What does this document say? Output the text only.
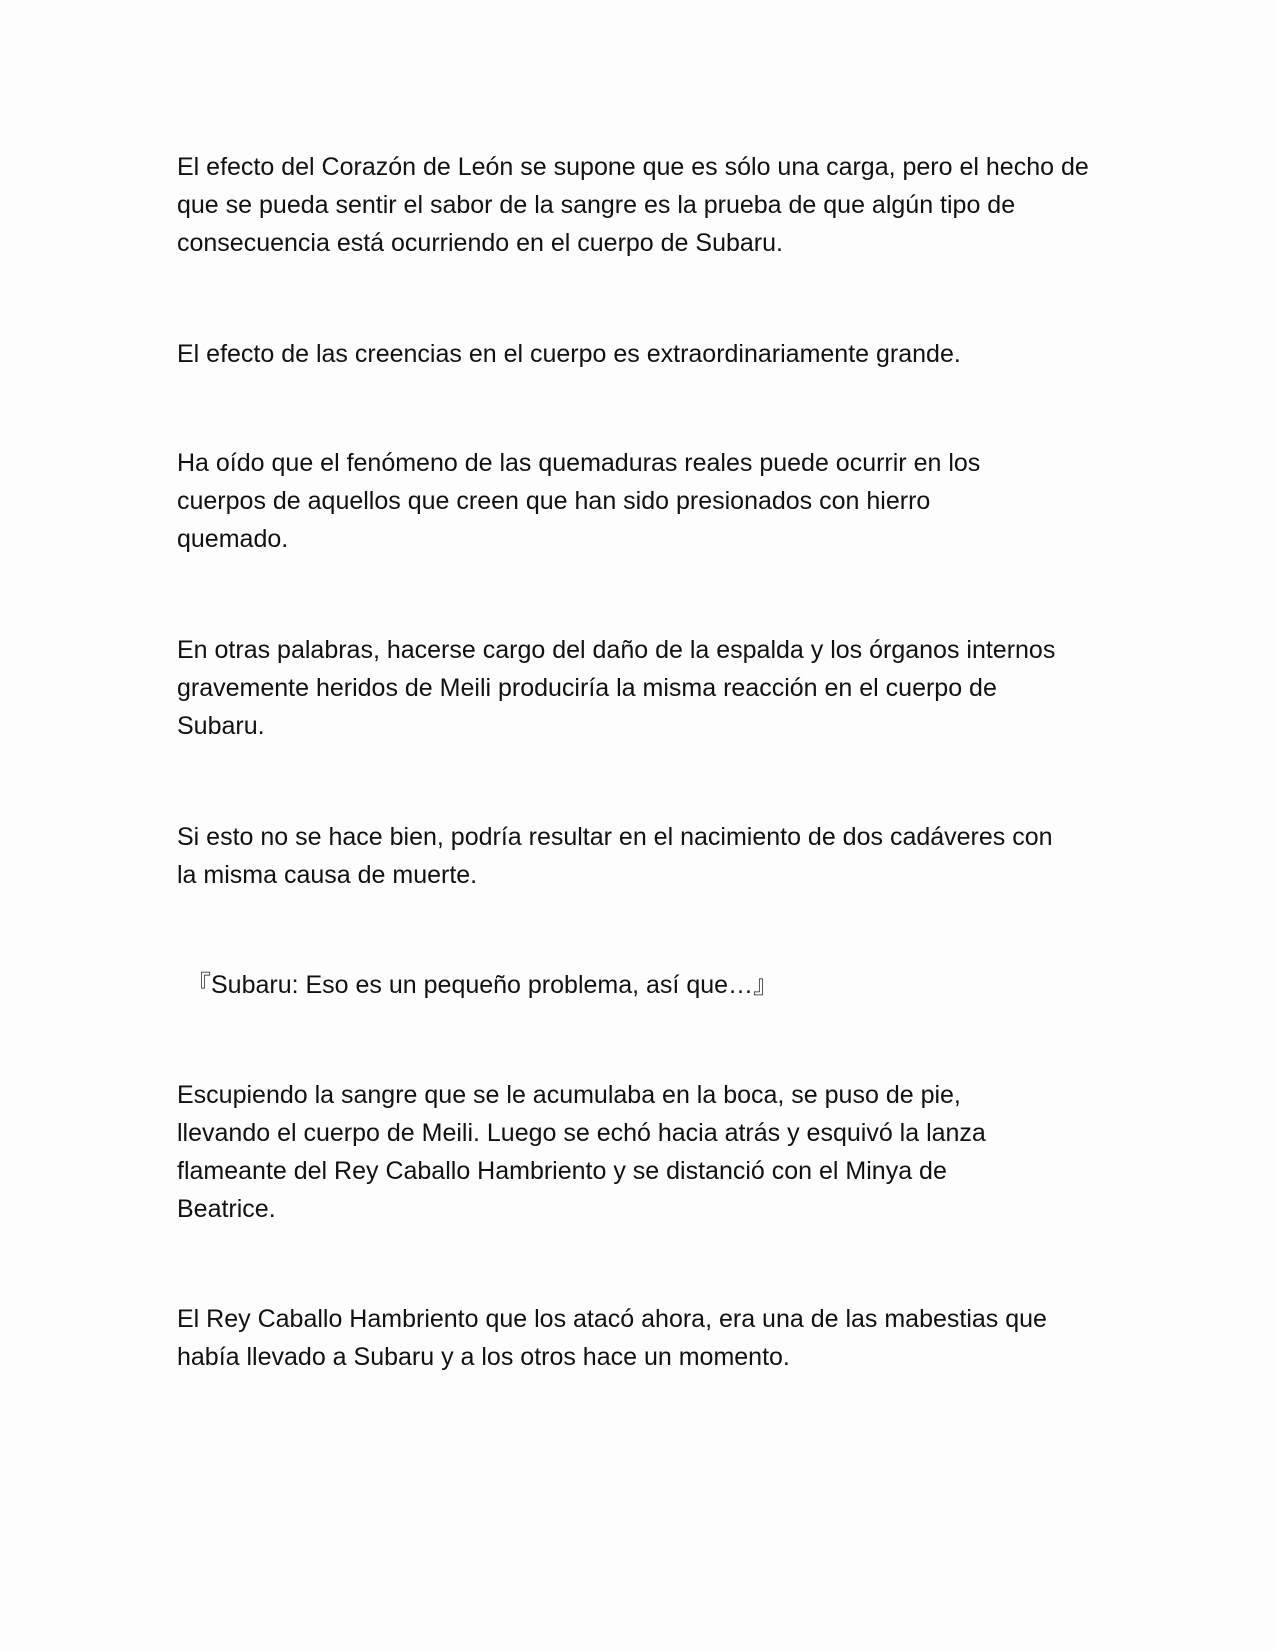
El efecto del Corazón de León se supone que es sólo una carga, pero el hecho de que se pueda sentir el sabor de la sangre es la prueba de que algún tipo de consecuencia está ocurriendo en el cuerpo de Subaru.

El efecto de las creencias en el cuerpo es extraordinariamente grande.

Ha oído que el fenómeno de las quemaduras reales puede ocurrir en los cuerpos de aquellos que creen que han sido presionados con hierro quemado.

En otras palabras, hacerse cargo del daño de la espalda y los órganos internos gravemente heridos de Meili produciría la misma reacción en el cuerpo de Subaru.

Si esto no se hace bien, podría resultar en el nacimiento de dos cadáveres con la misma causa de muerte.

『Subaru: Eso es un pequeño problema, así que…』

Escupiendo la sangre que se le acumulaba en la boca, se puso de pie, llevando el cuerpo de Meili. Luego se echó hacia atrás y esquivó la lanza flameante del Rey Caballo Hambriento y se distanció con el Minya de Beatrice.

El Rey Caballo Hambriento que los atacó ahora, era una de las mabestias que había llevado a Subaru y a los otros hace un momento.
